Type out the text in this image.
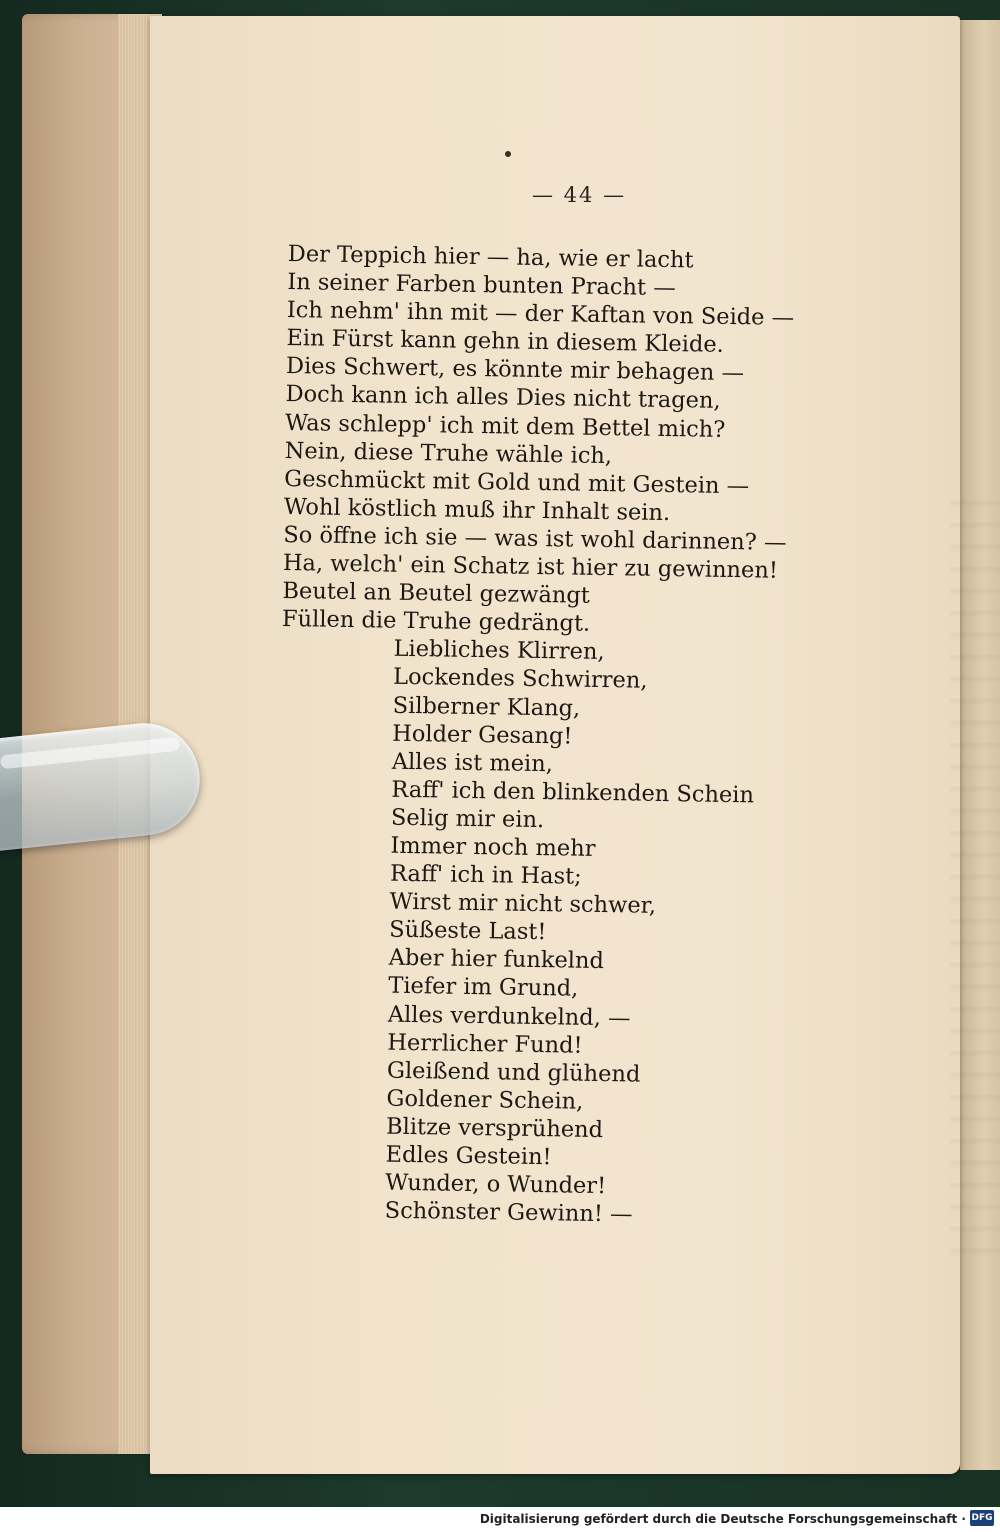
— 44 —
Der Teppich hier — ha, wie er lacht
In seiner Farben bunten Pracht —
Ich nehm' ihn mit — der Kaftan von Seide —
Ein Fürst kann gehn in diesem Kleide.
Dies Schwert, es könnte mir behagen —
Doch kann ich alles Dies nicht tragen,
Was schlepp' ich mit dem Bettel mich?
Nein, diese Truhe wähle ich,
Geschmückt mit Gold und mit Gestein —
Wohl köstlich muß ihr Inhalt sein.
So öffne ich sie — was ist wohl darinnen? —
Ha, welch' ein Schatz ist hier zu gewinnen!
Beutel an Beutel gezwängt
Füllen die Truhe gedrängt.
Liebliches Klirren,
Lockendes Schwirren,
Silberner Klang,
Holder Gesang!
Alles ist mein,
Raff' ich den blinkenden Schein
Selig mir ein.
Immer noch mehr
Raff' ich in Hast;
Wirst mir nicht schwer,
Süßeste Last!
Aber hier funkelnd
Tiefer im Grund,
Alles verdunkelnd, —
Herrlicher Fund!
Gleißend und glühend
Goldener Schein,
Blitze versprühend
Edles Gestein!
Wunder, o Wunder!
Schönster Gewinn! —
Digitalisierung gefördert durch die Deutsche Forschungsgemeinschaft · DFG
